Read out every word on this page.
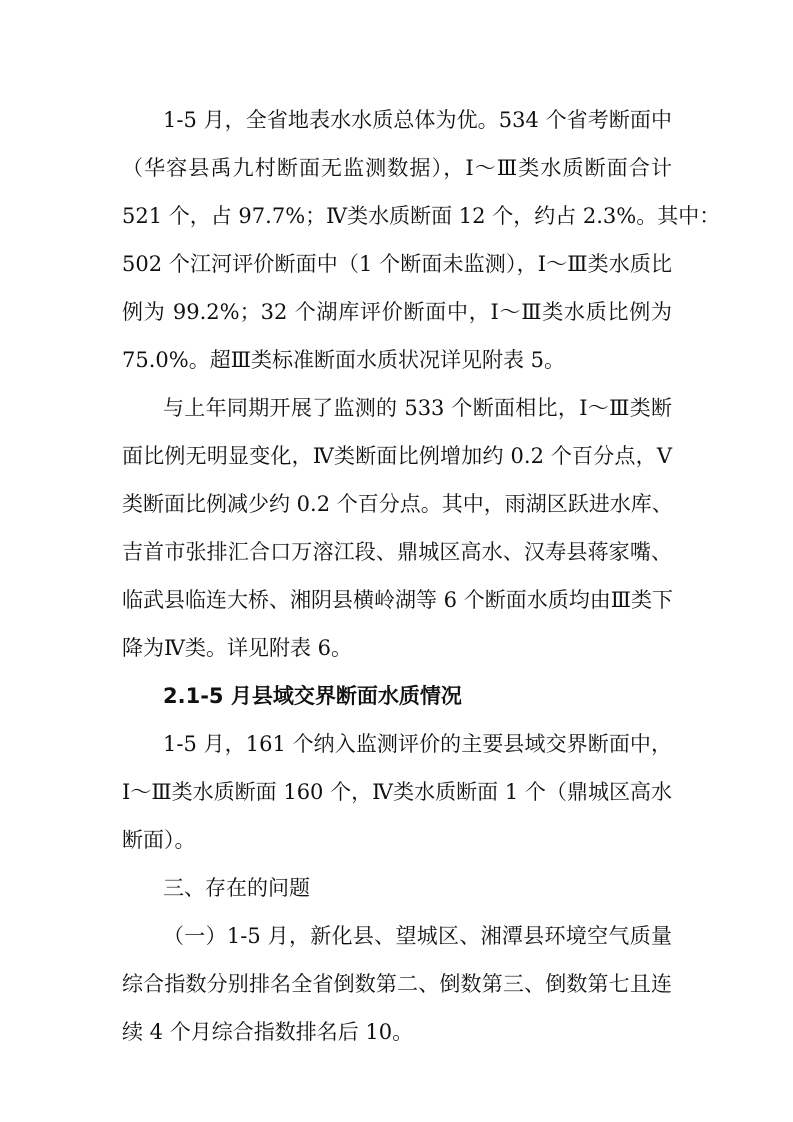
1-5 月，全省地表水水质总体为优。534 个省考断面中
（华容县禹九村断面无监测数据），Ⅰ～Ⅲ类水质断面合计
521 个，占 97.7%；Ⅳ类水质断面 12 个，约占 2.3%。其中：
502 个江河评价断面中（1 个断面未监测），Ⅰ～Ⅲ类水质比
例为 99.2%；32 个湖库评价断面中，Ⅰ～Ⅲ类水质比例为
75.0%。超Ⅲ类标准断面水质状况详见附表 5。
与上年同期开展了监测的 533 个断面相比，Ⅰ～Ⅲ类断
面比例无明显变化，Ⅳ类断面比例增加约 0.2 个百分点，Ⅴ
类断面比例减少约 0.2 个百分点。其中，雨湖区跃进水库、
吉首市张排汇合口万溶江段、鼎城区高水、汉寿县蒋家嘴、
临武县临连大桥、湘阴县横岭湖等 6 个断面水质均由Ⅲ类下
降为Ⅳ类。详见附表 6。
2.1-5 月县域交界断面水质情况
1-5 月，161 个纳入监测评价的主要县域交界断面中，
Ⅰ～Ⅲ类水质断面 160 个，Ⅳ类水质断面 1 个（鼎城区高水
断面）。
三、存在的问题
（一）1-5 月，新化县、望城区、湘潭县环境空气质量
综合指数分别排名全省倒数第二、倒数第三、倒数第七且连
续 4 个月综合指数排名后 10。
